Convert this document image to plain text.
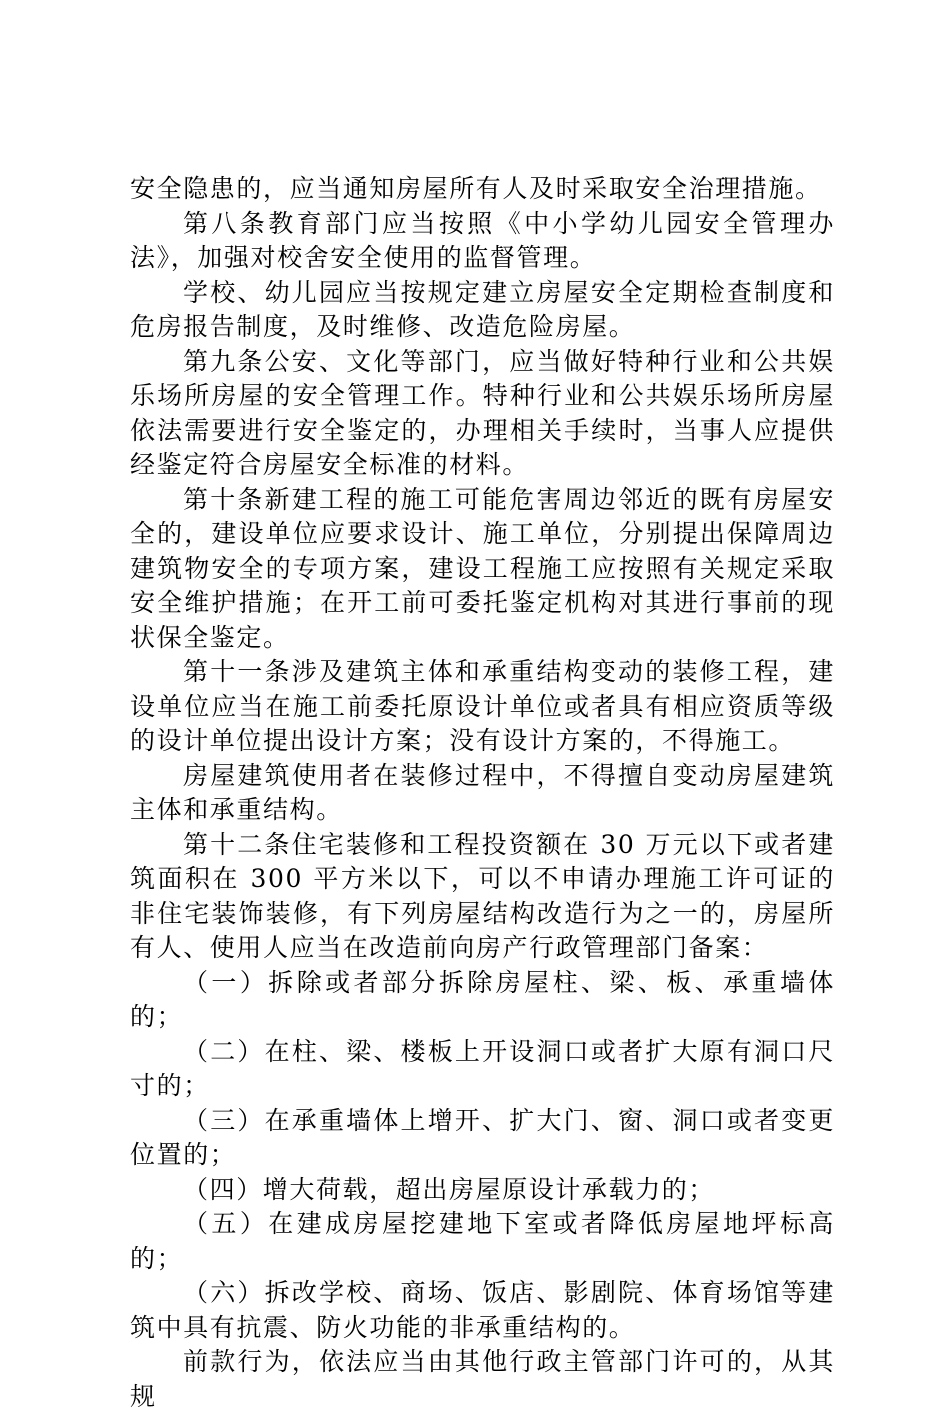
安全隐患的，应当通知房屋所有人及时采取安全治理措施。

第八条教育部门应当按照《中小学幼儿园安全管理办法》，加强对校舍安全使用的监督管理。

学校、幼儿园应当按规定建立房屋安全定期检查制度和危房报告制度，及时维修、改造危险房屋。

第九条公安、文化等部门，应当做好特种行业和公共娱乐场所房屋的安全管理工作。特种行业和公共娱乐场所房屋依法需要进行安全鉴定的，办理相关手续时，当事人应提供经鉴定符合房屋安全标准的材料。

第十条新建工程的施工可能危害周边邻近的既有房屋安全的，建设单位应要求设计、施工单位，分别提出保障周边建筑物安全的专项方案，建设工程施工应按照有关规定采取安全维护措施；在开工前可委托鉴定机构对其进行事前的现状保全鉴定。

第十一条涉及建筑主体和承重结构变动的装修工程，建设单位应当在施工前委托原设计单位或者具有相应资质等级的设计单位提出设计方案；没有设计方案的，不得施工。

房屋建筑使用者在装修过程中，不得擅自变动房屋建筑主体和承重结构。

第十二条住宅装修和工程投资额在 30 万元以下或者建筑面积在 300 平方米以下，可以不申请办理施工许可证的非住宅装饰装修，有下列房屋结构改造行为之一的，房屋所有人、使用人应当在改造前向房产行政管理部门备案：

（一）拆除或者部分拆除房屋柱、梁、板、承重墙体的；

（二）在柱、梁、楼板上开设洞口或者扩大原有洞口尺寸的；

（三）在承重墙体上增开、扩大门、窗、洞口或者变更位置的；

（四）增大荷载，超出房屋原设计承载力的；

（五）在建成房屋挖建地下室或者降低房屋地坪标高的；

（六）拆改学校、商场、饭店、影剧院、体育场馆等建筑中具有抗震、防火功能的非承重结构的。

前款行为，依法应当由其他行政主管部门许可的，从其规
